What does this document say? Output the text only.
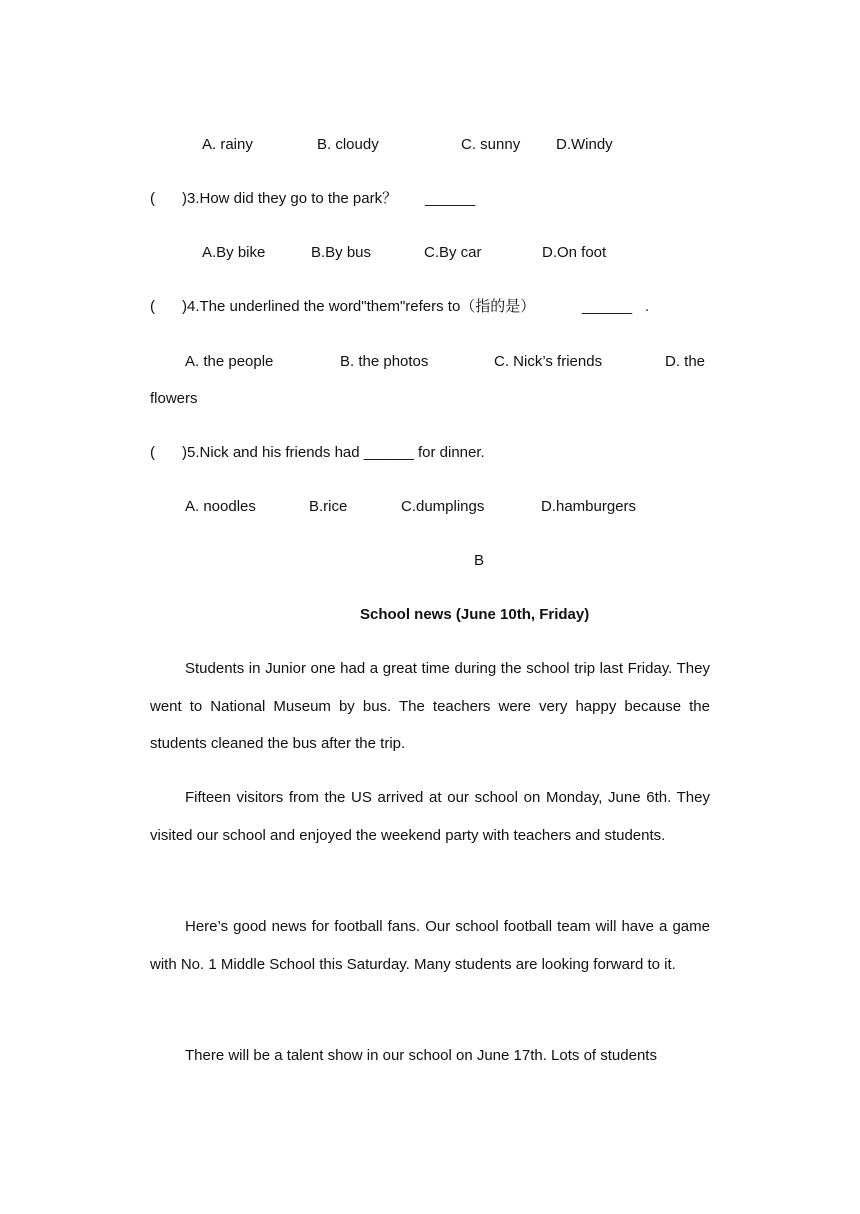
A. rainy	B. cloudy	C. sunny D.Windy
( )3.How did they go to the park？ ______
A.By bike	B.By bus	C.By car	D.On foot
( )4.The underlined the word"them"refers to（指的是）	______ .
A. the people	B. the photos	C. Nick’s friends	D. the
flowers
( )5.Nick and his friends had ______ for dinner.
A. noodles	B.rice	C.dumplings	D.hamburgers
B
School news (June 10th, Friday)

Students in Junior one had a great time during the school trip last Friday. They went to National Museum by bus. The teachers were very happy because the students cleaned the bus after the trip.

Fifteen visitors from the US arrived at our school on Monday, June 6th. They visited our school and enjoyed the weekend party with teachers and students.

Here’s good news for football fans. Our school football team will have a game with No. 1 Middle School this Saturday. Many students are looking forward to it.

There will be a talent show in our school on June 17th. Lots of students
